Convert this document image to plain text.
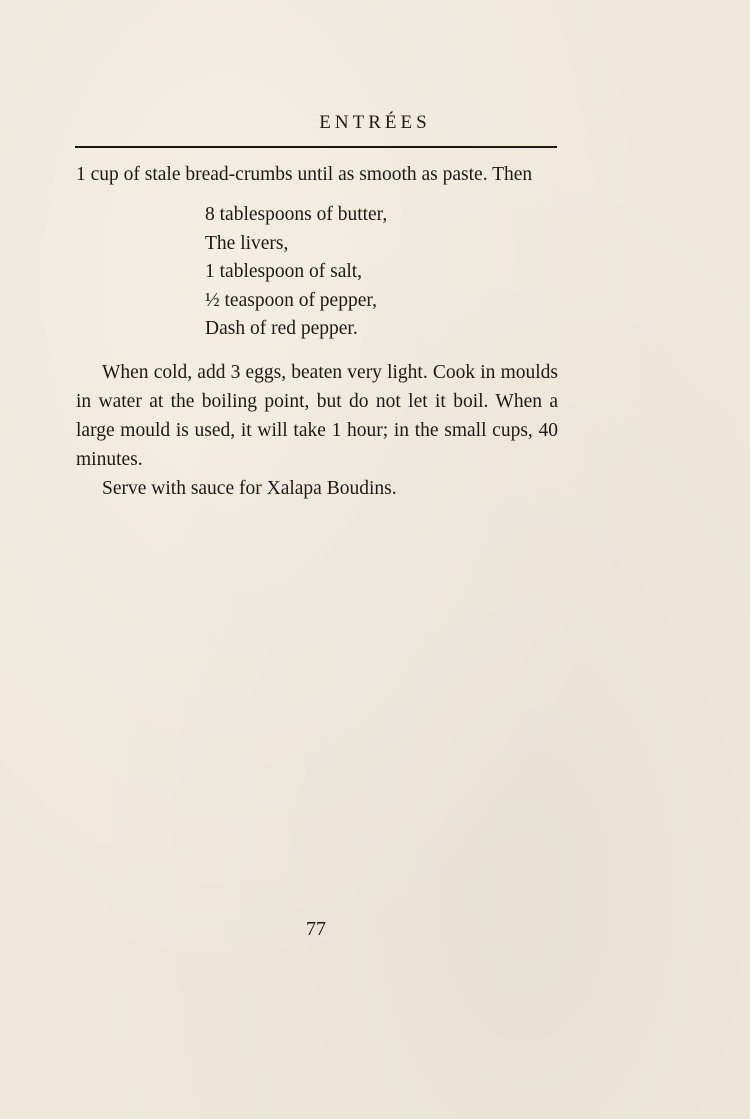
ENTRÉES

1 cup of stale bread-crumbs until as smooth as paste. Then

8 tablespoons of butter,
The livers,
1 tablespoon of salt,
½ teaspoon of pepper,
Dash of red pepper.

When cold, add 3 eggs, beaten very light. Cook in moulds in water at the boiling point, but do not let it boil. When a large mould is used, it will take 1 hour; in the small cups, 40 minutes.

Serve with sauce for Xalapa Boudins.

77
